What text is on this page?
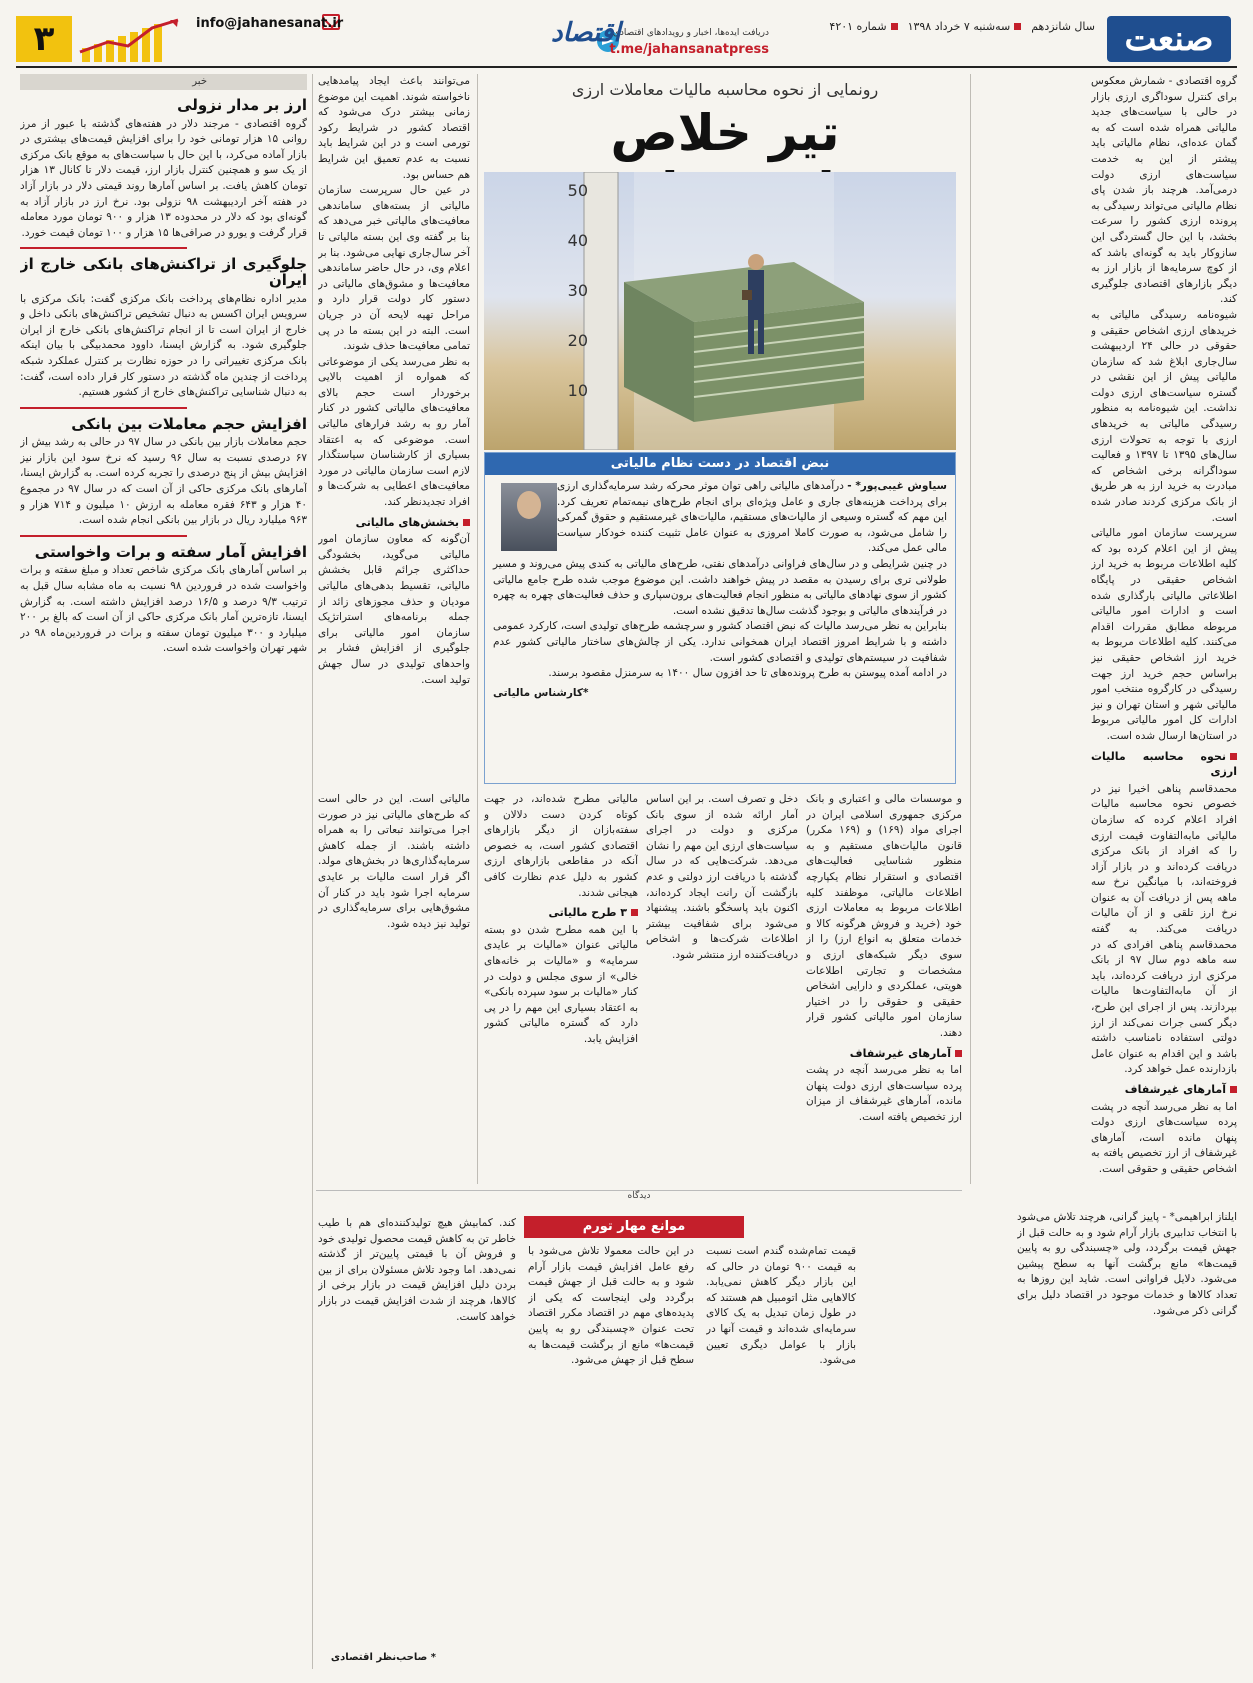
صنعت
سال شانزدهمسه‌شنبه ۷ خرداد ۱۳۹۸شماره ۴۲۰۱
دریافت ایده‌ها، اخبار و رویدادهای اقتصادی
t.me/jahansanatpress
اقتصاد
info@jahanesanat.ir
۳

گروه اقتصادی - شمارش معکوس برای کنترل سوداگری ارزی بازار در حالی با سیاست‌های جدید مالیاتی همراه شده است که به گمان عده‌ای، نظام مالیاتی باید پیشتر از این به خدمت سیاست‌های ارزی دولت درمی‌آمد. هرچند باز شدن پای نظام مالیاتی می‌تواند رسیدگی به پرونده ارزی کشور را سرعت بخشد، با این حال گستردگی این سازوکار باید به گونه‌ای باشد که از کوچ سرمایه‌ها از بازار ارز به دیگر بازارهای اقتصادی جلوگیری کند.

شیوه‌نامه رسیدگی مالیاتی به خریدهای ارزی اشخاص حقیقی و حقوقی در حالی ۲۴ اردیبهشت سال‌جاری ابلاغ شد که سازمان مالیاتی پیش از این نقشی در گستره سیاست‌های ارزی دولت نداشت. این شیوه‌نامه به منظور رسیدگی مالیاتی به خریدهای ارزی با توجه به تحولات ارزی سال‌های ۱۳۹۵ تا ۱۳۹۷ و فعالیت سوداگرانه برخی اشخاص که مبادرت به خرید ارز به هر طریق از بانک مرکزی کردند صادر شده است.

سرپرست سازمان امور مالیاتی پیش از این اعلام کرده بود که کلیه اطلاعات مربوط به خرید ارز اشخاص حقیقی در پایگاه اطلاعاتی مالیاتی بارگذاری شده است و ادارات امور مالیاتی مربوطه مطابق مقررات اقدام می‌کنند. کلیه اطلاعات مربوط به خرید ارز اشخاص حقیقی نیز براساس حجم خرید ارز جهت رسیدگی در کارگروه منتخب امور مالیاتی شهر و استان تهران و نیز ادارات کل امور مالیاتی مربوط در استان‌ها ارسال شده است.

نحوه محاسبه مالیات ارزی

محمدقاسم پناهی اخیرا نیز در خصوص نحوه محاسبه مالیات افراد اعلام کرده که سازمان مالیاتی مابه‌التفاوت قیمت ارزی را که افراد از بانک مرکزی دریافت کرده‌اند و در بازار آزاد فروخته‌اند، با میانگین نرخ سه ماهه پس از دریافت آن به عنوان نرخ ارز تلقی و از آن مالیات دریافت می‌کند. به گفته محمدقاسم پناهی افرادی که در سه ماهه دوم سال ۹۷ از بانک مرکزی ارز دریافت کرده‌اند، باید از آن مابه‌التفاوت‌ها مالیات بپردازند. پس از اجرای این طرح، دیگر کسی جرات نمی‌کند از ارز دولتی استفاده نامناسب داشته باشد و این اقدام به عنوان عامل بازدارنده عمل خواهد کرد.

آمارهای غیرشفاف

اما به نظر می‌رسد آنچه در پشت پرده سیاست‌های ارزی دولت پنهان مانده است، آمارهای غیرشفاف از ارز تخصیص یافته به اشخاص حقیقی و حقوقی است.

رونمایی از نحوه محاسبه مالیات معاملات ارزی
تیر خلاص
50
40
30
20
10
نبض اقتصاد در دست نظام مالیاتی

سیاوش غیبی‌پور* - درآمدهای مالیاتی راهی توان موثر محرکه رشد سرمایه‌گذاری ارزی برای پرداخت هزینه‌های جاری و عامل ویژه‌ای برای انجام طرح‌های نیمه‌تمام تعریف کرد. این مهم که گستره وسیعی از مالیات‌های مستقیم، مالیات‌های غیرمستقیم و حقوق گمرکی را شامل می‌شود، به صورت کاملا امروزی به عنوان عامل تثبیت کننده خودکار سیاست مالی عمل می‌کند.

در چنین شرایطی و در سال‌های فراوانی درآمدهای نفتی، طرح‌های مالیاتی به کندی پیش می‌روند و مسیر طولانی تری برای رسیدن به مقصد در پیش خواهند داشت. این موضوع موجب شده طرح جامع مالیاتی کشور از سوی نهادهای مالیاتی به منظور انجام فعالیت‌های برون‌سپاری و حذف فعالیت‌های چهره به چهره در فرآیندهای مالیاتی و بوجود گذشت سال‌ها تدقیق نشده است.

بنابراین به نظر می‌رسد مالیات که نبض اقتصاد کشور و سرچشمه طرح‌های تولیدی است، کارکرد عمومی داشته و با شرایط امروز اقتصاد ایران همخوانی ندارد. یکی از چالش‌های ساختار مالیاتی کشور عدم شفافیت در سیستم‌های تولیدی و اقتصادی کشور است.

در ادامه آمده پیوستن به طرح پرونده‌های تا حد افزون سال ۱۴۰۰ به سرمنزل مقصود برسند.

*کارشناس مالیاتی

می‌توانند باعث ایجاد پیامدهایی ناخواسته شوند. اهمیت این موضوع زمانی بیشتر درک می‌شود که اقتصاد کشور در شرایط رکود تورمی است و در این شرایط باید نسبت به عدم تعمیق این شرایط هم حساس بود.

در عین حال سرپرست سازمان مالیاتی از بسته‌های ساماندهی معافیت‌های مالیاتی خبر می‌دهد که بنا بر گفته وی این بسته مالیاتی تا آخر سال‌جاری نهایی می‌شود. بنا بر اعلام وی، در حال حاضر ساماندهی معافیت‌ها و مشوق‌های مالیاتی در دستور کار دولت قرار دارد و مراحل تهیه لایحه آن در جریان است. البته در این بسته ما در پی تمامی معافیت‌ها حذف شوند.

به نظر می‌رسد یکی از موضوعاتی که همواره از اهمیت بالایی برخوردار است حجم بالای معافیت‌های مالیاتی کشور در کنار آمار رو به رشد فرارهای مالیاتی است. موضوعی که به اعتقاد بسیاری از کارشناسان سیاستگذار لازم است سازمان مالیاتی در مورد معافیت‌های اعطایی به شرکت‌ها و افراد تجدیدنظر کند.

بخشش‌های مالیاتی

آن‌گونه که معاون سازمان امور مالیاتی می‌گوید، بخشودگی حداکثری جرائم قابل بخشش مالیاتی، تقسیط بدهی‌های مالیاتی مودیان و حذف مجوزهای زائد از جمله برنامه‌های استراتژیک سازمان امور مالیاتی برای جلوگیری از افزایش فشار بر واحدهای تولیدی در سال جهش تولید است.

و موسسات مالی و اعتباری و بانک مرکزی جمهوری اسلامی ایران در اجرای مواد (۱۶۹) و (۱۶۹ مکرر) قانون مالیات‌های مستقیم و به منظور شناسایی فعالیت‌های اقتصادی و استقرار نظام یکپارچه اطلاعات مالیاتی، موظفند کلیه اطلاعات مربوط به معاملات ارزی خود (خرید و فروش هرگونه کالا و خدمات متعلق به انواع ارز) را از سوی دیگر شبکه‌های ارزی و مشخصات و تجارتی اطلاعات هویتی، عملکردی و دارایی اشخاص حقیقی و حقوقی را در اختیار سازمان امور مالیاتی کشور قرار دهند.

آمارهای غیرشفاف

اما به نظر می‌رسد آنچه در پشت پرده سیاست‌های ارزی دولت پنهان مانده، آمارهای غیرشفاف از میزان ارز تخصیص یافته است.

دخل و تصرف است. بر این اساس آمار ارائه شده از سوی بانک مرکزی و دولت در اجرای سیاست‌های ارزی این مهم را نشان می‌دهد. شرکت‌هایی که در سال گذشته با دریافت ارز دولتی و عدم بازگشت آن رانت ایجاد کرده‌اند، اکنون باید پاسخگو باشند. پیشنهاد می‌شود برای شفافیت بیشتر اطلاعات شرکت‌ها و اشخاص دریافت‌کننده ارز منتشر شود.

مالیاتی مطرح شده‌اند، در جهت کوتاه کردن دست دلالان و سفته‌بازان از دیگر بازارهای اقتصادی کشور است، به خصوص آنکه در مقاطعی بازارهای ارزی کشور به دلیل عدم نظارت کافی هیجانی شدند.

۳ طرح مالیاتی

با این همه مطرح شدن دو بسته مالیاتی عنوان «مالیات بر عایدی سرمایه» و «مالیات بر خانه‌های خالی» از سوی مجلس و دولت در کنار «مالیات بر سود سپرده بانکی» به اعتقاد بسیاری این مهم را در پی دارد که گستره مالیاتی کشور افزایش یابد.

مالیاتی است. این در حالی است که طرح‌های مالیاتی نیز در صورت اجرا می‌توانند تبعاتی را به همراه داشته باشند. از جمله کاهش سرمایه‌گذاری‌ها در بخش‌های مولد. اگر قرار است مالیات بر عایدی سرمایه اجرا شود باید در کنار آن مشوق‌هایی برای سرمایه‌گذاری در تولید نیز دیده شود.

دیدگاه
موانع مهار تورم

ایلناز ابراهیمی* - پاییز گرانی، هرچند تلاش می‌شود با انتخاب تدابیری بازار آرام شود و به حالت قبل از جهش قیمت برگردد، ولی «چسبندگی رو به پایین قیمت‌ها» مانع برگشت آنها به سطح پیشین می‌شود. دلایل فراوانی است. شاید این روزها به تعداد کالاها و خدمات موجود در اقتصاد دلیل برای گرانی ذکر می‌شود.

قیمت تمام‌شده گندم است نسبت به قیمت ۹۰۰ تومان در حالی که این بازار دیگر کاهش نمی‌یابد. کالاهایی مثل اتومبیل هم هستند که در طول زمان تبدیل به یک کالای سرمایه‌ای شده‌اند و قیمت آنها در بازار با عوامل دیگری تعیین می‌شود.

در این حالت معمولا تلاش می‌شود با رفع عامل افزایش قیمت بازار آرام شود و به حالت قبل از جهش قیمت برگردد ولی اینجاست که یکی از پدیده‌های مهم در اقتصاد مکرر اقتصاد تحت عنوان «چسبندگی رو به پایین قیمت‌ها» مانع از برگشت قیمت‌ها به سطح قبل از جهش می‌شود.

کند. کمابیش هیچ تولیدکننده‌ای هم با طیب خاطر تن به کاهش قیمت محصول تولیدی خود و فروش آن با قیمتی پایین‌تر از گذشته نمی‌دهد. اما وجود تلاش مسئولان برای از بین بردن دلیل افزایش قیمت در بازار برخی از کالاها، هرچند از شدت افزایش قیمت در بازار خواهد کاست.

* صاحب‌نظر اقتصادی
خبر
ارز بر مدار نزولی

گروه اقتصادی - مرجند دلار در هفته‌های گذشته با عبور از مرز روانی ۱۵ هزار تومانی خود را برای افزایش قیمت‌های بیشتری در بازار آماده می‌کرد، با این حال با سیاست‌های به موقع بانک مرکزی از یک سو و همچنین کنترل بازار ارز، قیمت دلار تا کانال ۱۳ هزار تومان کاهش یافت. بر اساس آمارها روند قیمتی دلار در بازار آزاد در هفته آخر اردیبهشت ۹۸ نزولی بود. نرخ ارز در بازار آزاد به گونه‌ای بود که دلار در محدوده ۱۳ هزار و ۹۰۰ تومان مورد معامله قرار گرفت و یورو در صرافی‌ها ۱۵ هزار و ۱۰۰ تومان قیمت خورد.

جلوگیری از تراکنش‌های بانکی خارج از ایران

مدیر اداره نظام‌های پرداخت بانک مرکزی گفت: بانک مرکزی با سرویس ایران اکسس به دنبال تشخیص تراکنش‌های بانکی داخل و خارج از ایران است تا از انجام تراکنش‌های بانکی خارج از ایران جلوگیری شود. به گزارش ایسنا، داوود محمدبیگی با بیان اینکه بانک مرکزی تغییراتی را در حوزه نظارت بر کنترل عملکرد شبکه پرداخت از چندین ماه گذشته در دستور کار قرار داده است، گفت: به دنبال شناسایی تراکنش‌های خارج از کشور هستیم.

افزایش حجم معاملات بین بانکی

حجم معاملات بازار بین بانکی در سال ۹۷ در حالی به رشد بیش از ۶۷ درصدی نسبت به سال ۹۶ رسید که نرخ سود این بازار نیز افزایش بیش از پنج درصدی را تجربه کرده است. به گزارش ایسنا، آمارهای بانک مرکزی حاکی از آن است که در سال ۹۷ در مجموع ۴۰ هزار و ۶۴۳ فقره معامله به ارزش ۱۰ میلیون و ۷۱۴ هزار و ۹۶۳ میلیارد ریال در بازار بین بانکی انجام شده است.

افزایش آمار سفته و برات واخواستی

بر اساس آمارهای بانک مرکزی شاخص تعداد و مبلغ سفته و برات واخواست شده در فروردین ۹۸ نسبت به ماه مشابه سال قبل به ترتیب ۹/۳ درصد و ۱۶/۵ درصد افزایش داشته است. به گزارش ایسنا، تازه‌ترین آمار بانک مرکزی حاکی از آن است که بالغ بر ۲۰۰ میلیارد و ۳۰۰ میلیون تومان سفته و برات در فروردین‌ماه ۹۸ در شهر تهران واخواست شده است.
